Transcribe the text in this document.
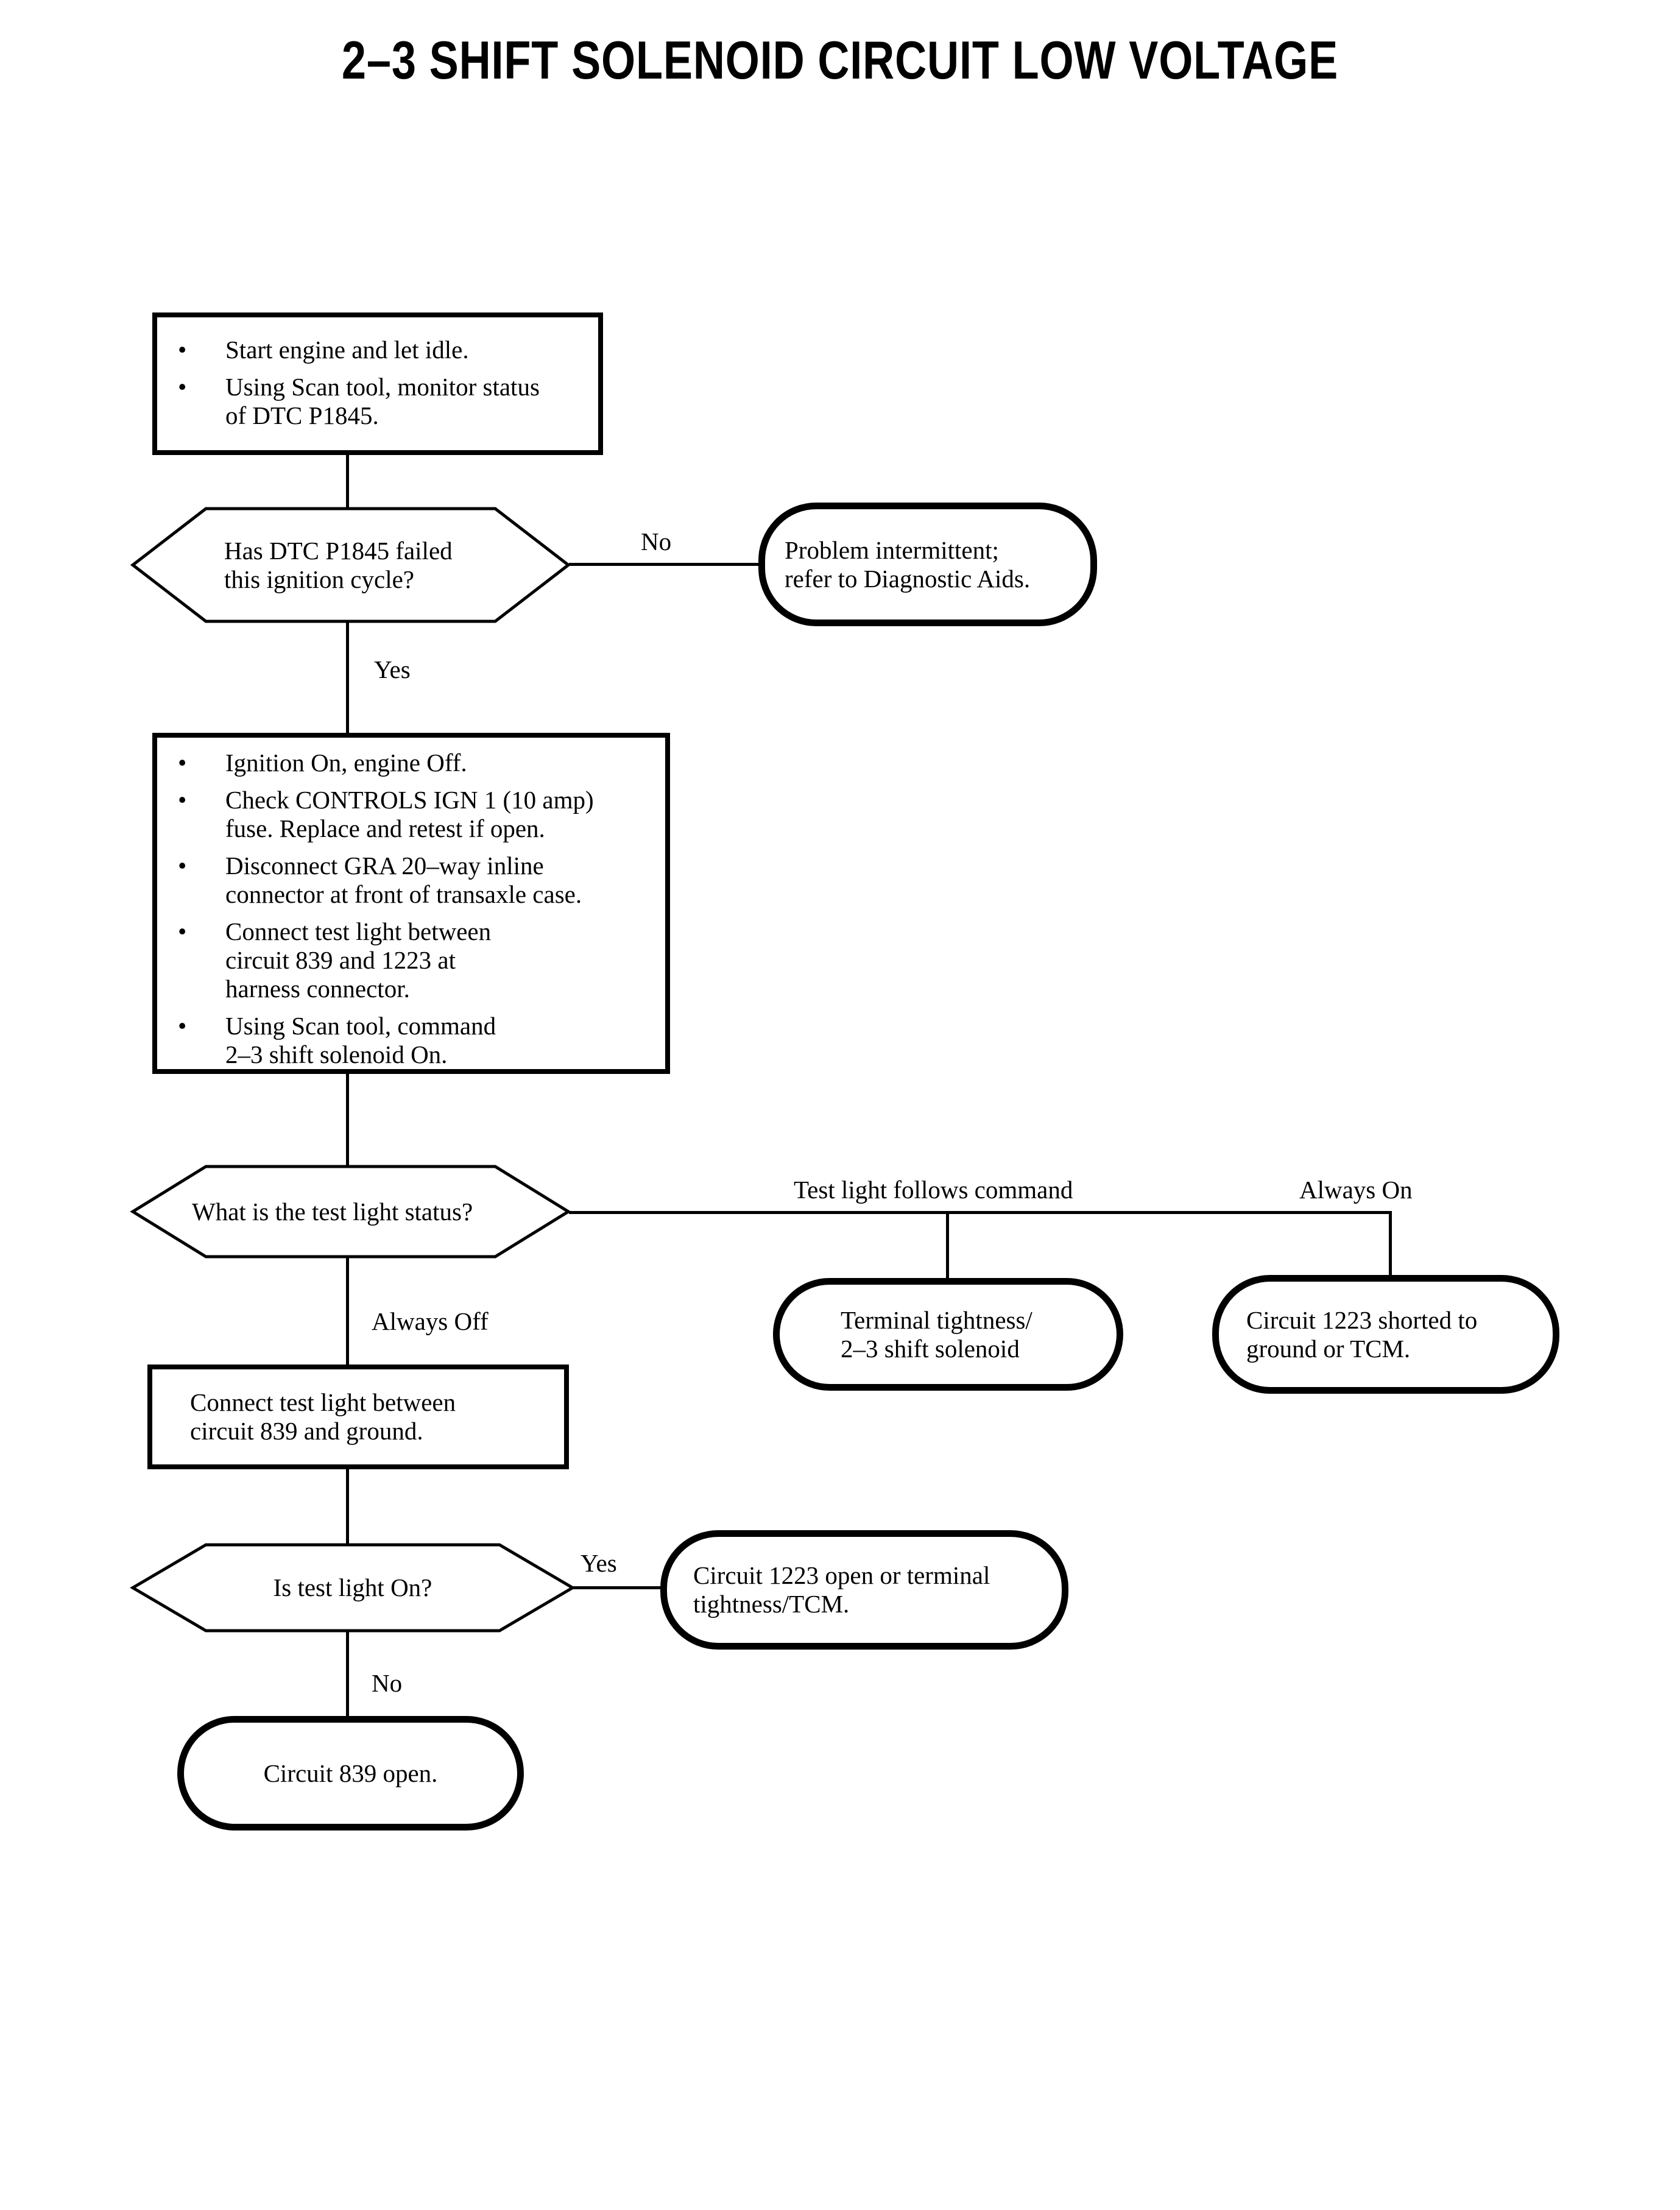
2–3 SHIFT SOLENOID CIRCUIT LOW VOLTAGE
No
Yes
Test light follows command	Always On
Always Off
Yes
No
• Start engine and let idle.
• Using Scan tool, monitor status
of DTC P1845.
Has DTC P1845 failed
this ignition cycle?
Problem intermittent;
refer to Diagnostic Aids.
• Ignition On, engine Off.
• Check CONTROLS IGN 1 (10 amp)
fuse. Replace and retest if open.
• Disconnect GRA 20–way inline
connector at front of transaxle case.
• Connect test light between
circuit 839 and 1223 at
harness connector.
• Using Scan tool, command
2–3 shift solenoid On.
What is the test light status?
Terminal tightness/
2–3 shift solenoid
Circuit 1223 shorted to
ground or TCM.
Connect test light between
circuit 839 and ground.
Is test light On?	Circuit 1223 open or terminal
tightness/TCM.
Circuit 839 open.
